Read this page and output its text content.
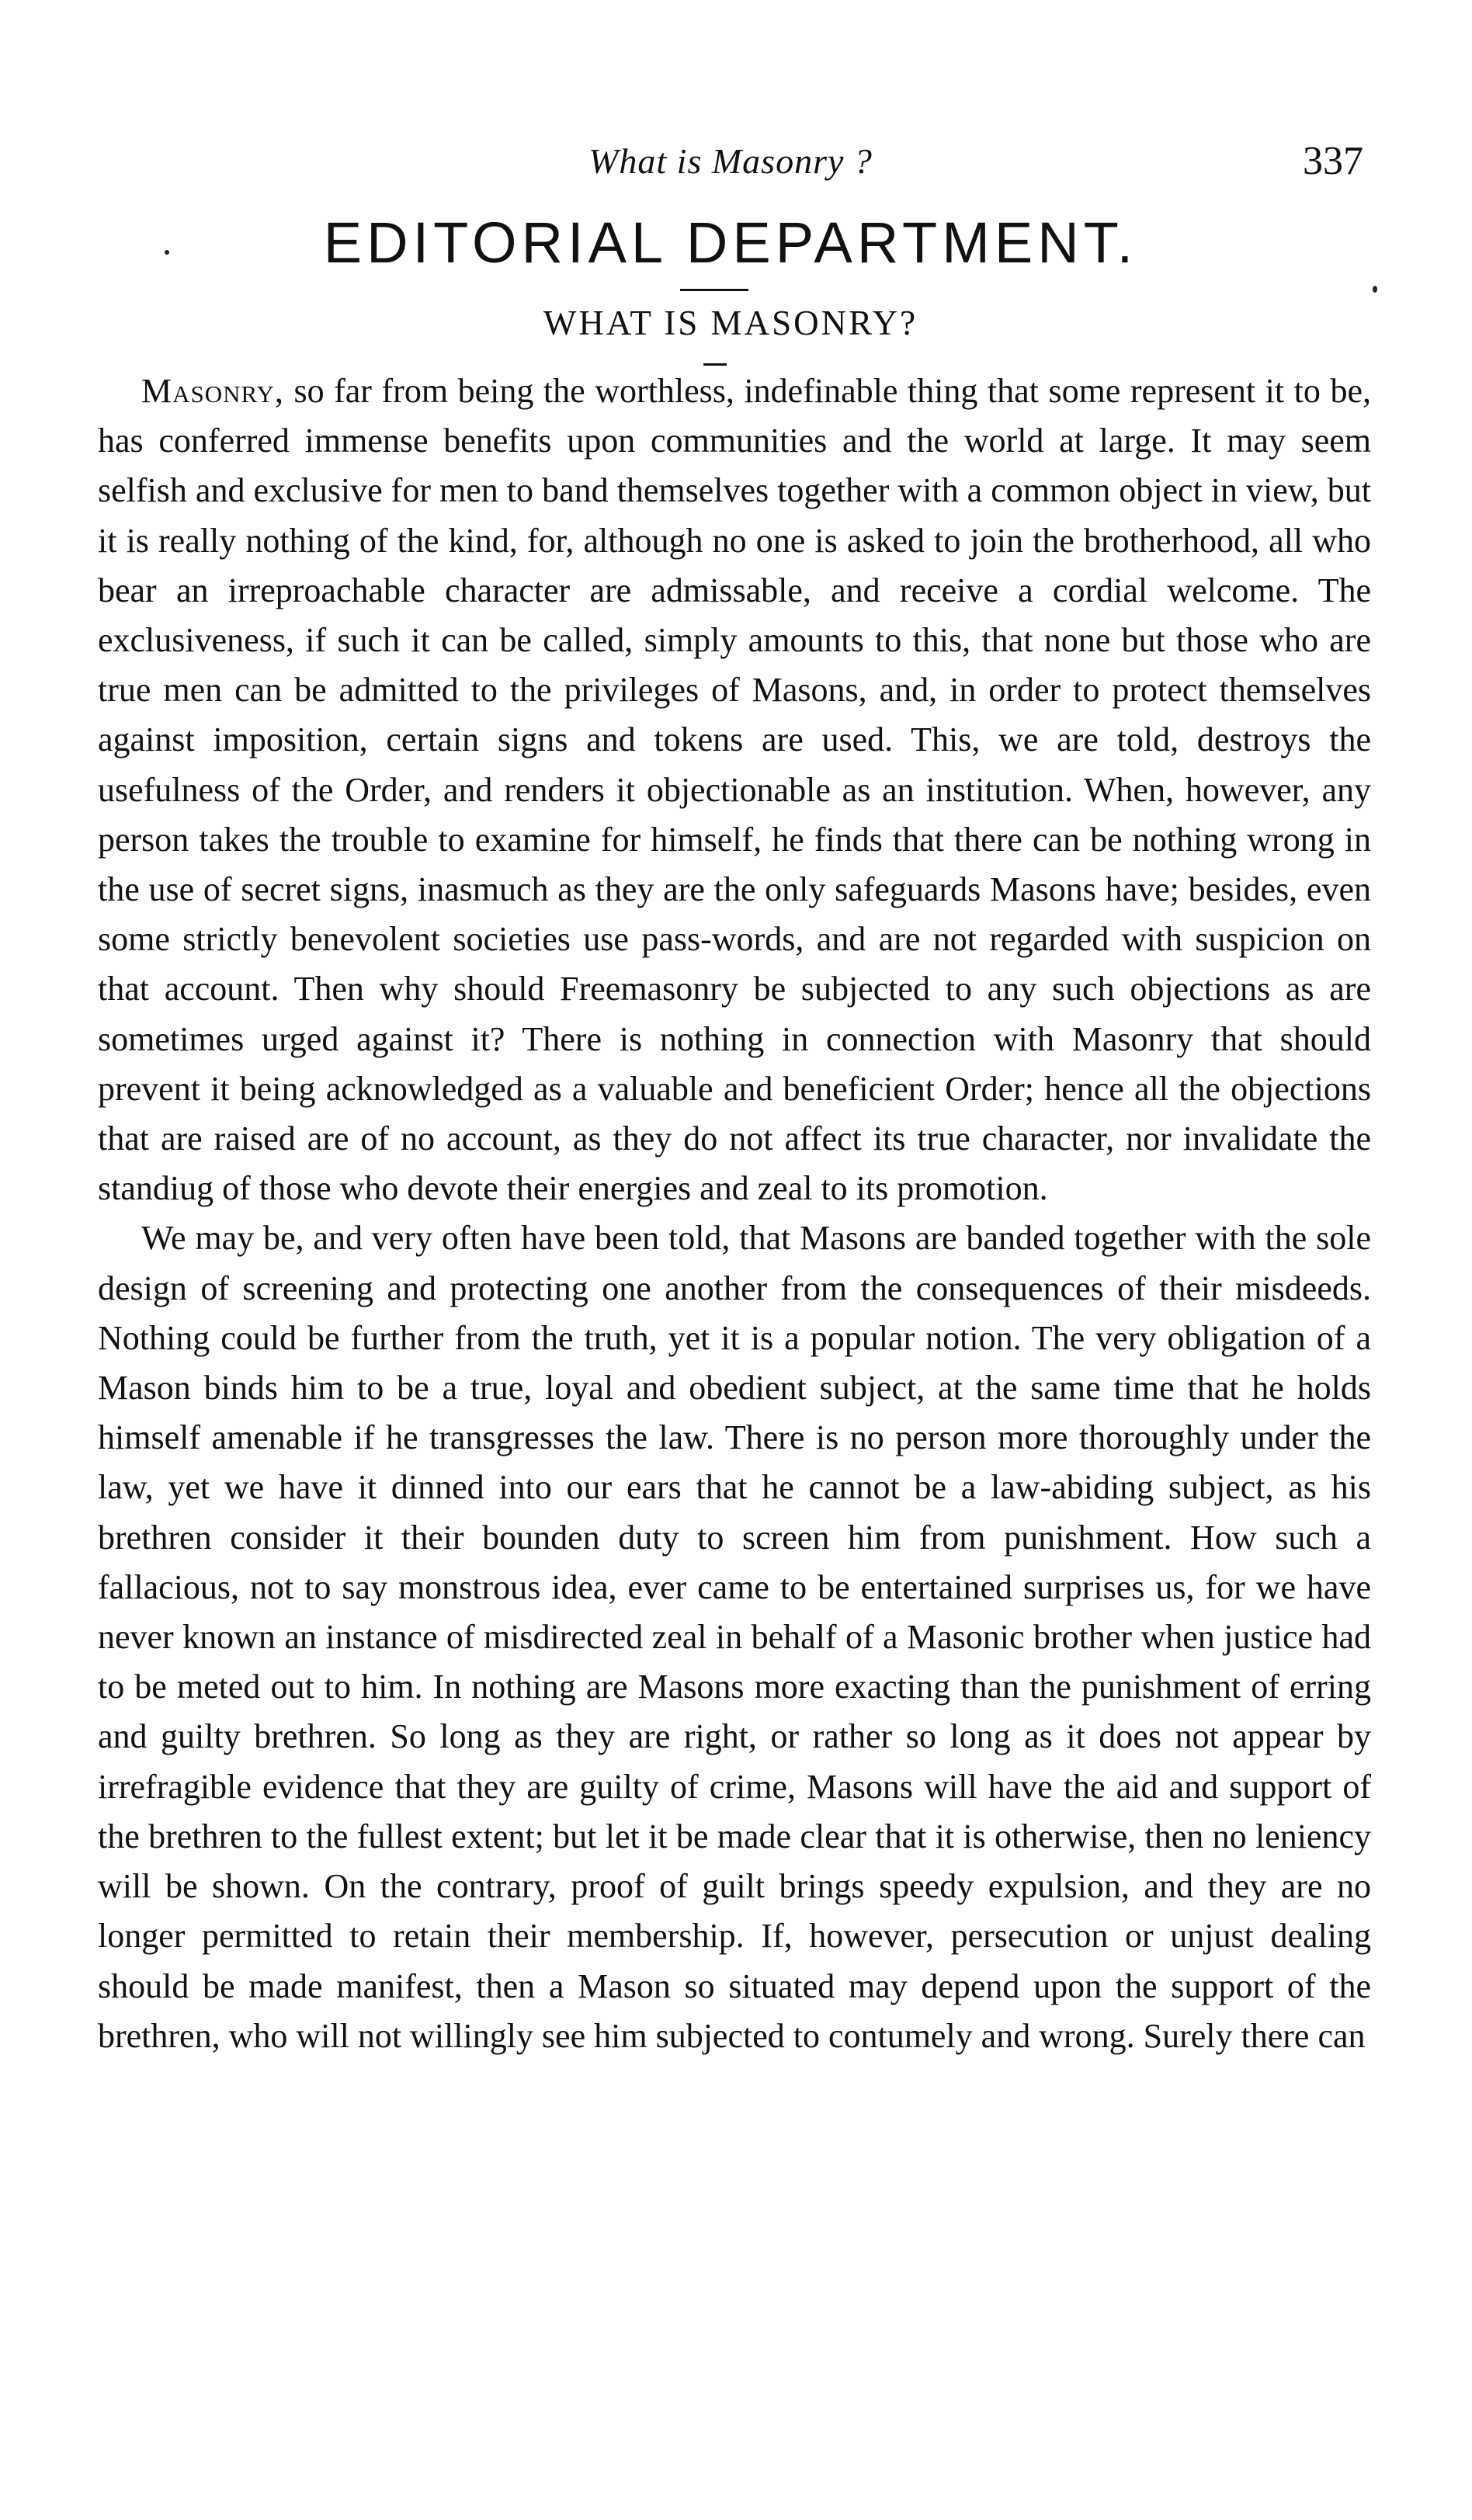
What is Masonry ?	337
EDITORIAL DEPARTMENT.
WHAT IS MASONRY?

Masonry, so far from being the worthless, indefinable thing that some represent it to be, has conferred immense benefits upon communities and the world at large. It may seem selfish and exclusive for men to band themselves together with a common object in view, but it is really nothing of the kind, for, although no one is asked to join the brotherhood, all who bear an irreproachable character are admissable, and receive a cordial welcome. The exclusiveness, if such it can be called, simply amounts to this, that none but those who are true men can be admitted to the privileges of Masons, and, in order to protect themselves against imposition, certain signs and tokens are used. This, we are told, destroys the usefulness of the Order, and renders it objectionable as an institution. When, however, any person takes the trouble to examine for himself, he finds that there can be nothing wrong in the use of secret signs, inasmuch as they are the only safeguards Masons have; besides, even some strictly benevolent societies use pass-words, and are not regarded with suspicion on that account. Then why should Freemasonry be subjected to any such objections as are sometimes urged against it? There is nothing in connection with Masonry that should prevent it being acknowledged as a valuable and beneficient Order; hence all the objections that are raised are of no account, as they do not affect its true character, nor invalidate the standiug of those who devote their energies and zeal to its promotion.

We may be, and very often have been told, that Masons are banded together with the sole design of screening and protecting one another from the consequences of their misdeeds. Nothing could be further from the truth, yet it is a popular notion. The very obligation of a Mason binds him to be a true, loyal and obedient subject, at the same time that he holds himself amenable if he transgresses the law. There is no person more thoroughly under the law, yet we have it dinned into our ears that he cannot be a law-abiding subject, as his brethren consider it their bounden duty to screen him from punishment. How such a fallacious, not to say monstrous idea, ever came to be entertained surprises us, for we have never known an instance of misdirected zeal in behalf of a Masonic brother when justice had to be meted out to him. In nothing are Masons more exacting than the punishment of erring and guilty brethren. So long as they are right, or rather so long as it does not appear by irrefragible evidence that they are guilty of crime, Masons will have the aid and support of the brethren to the fullest extent; but let it be made clear that it is otherwise, then no leniency will be shown. On the contrary, proof of guilt brings speedy expulsion, and they are no longer permitted to retain their membership. If, however, persecution or unjust dealing should be made manifest, then a Mason so situated may depend upon the support of the brethren, who will not willingly see him subjected to contumely and wrong. Surely there can
